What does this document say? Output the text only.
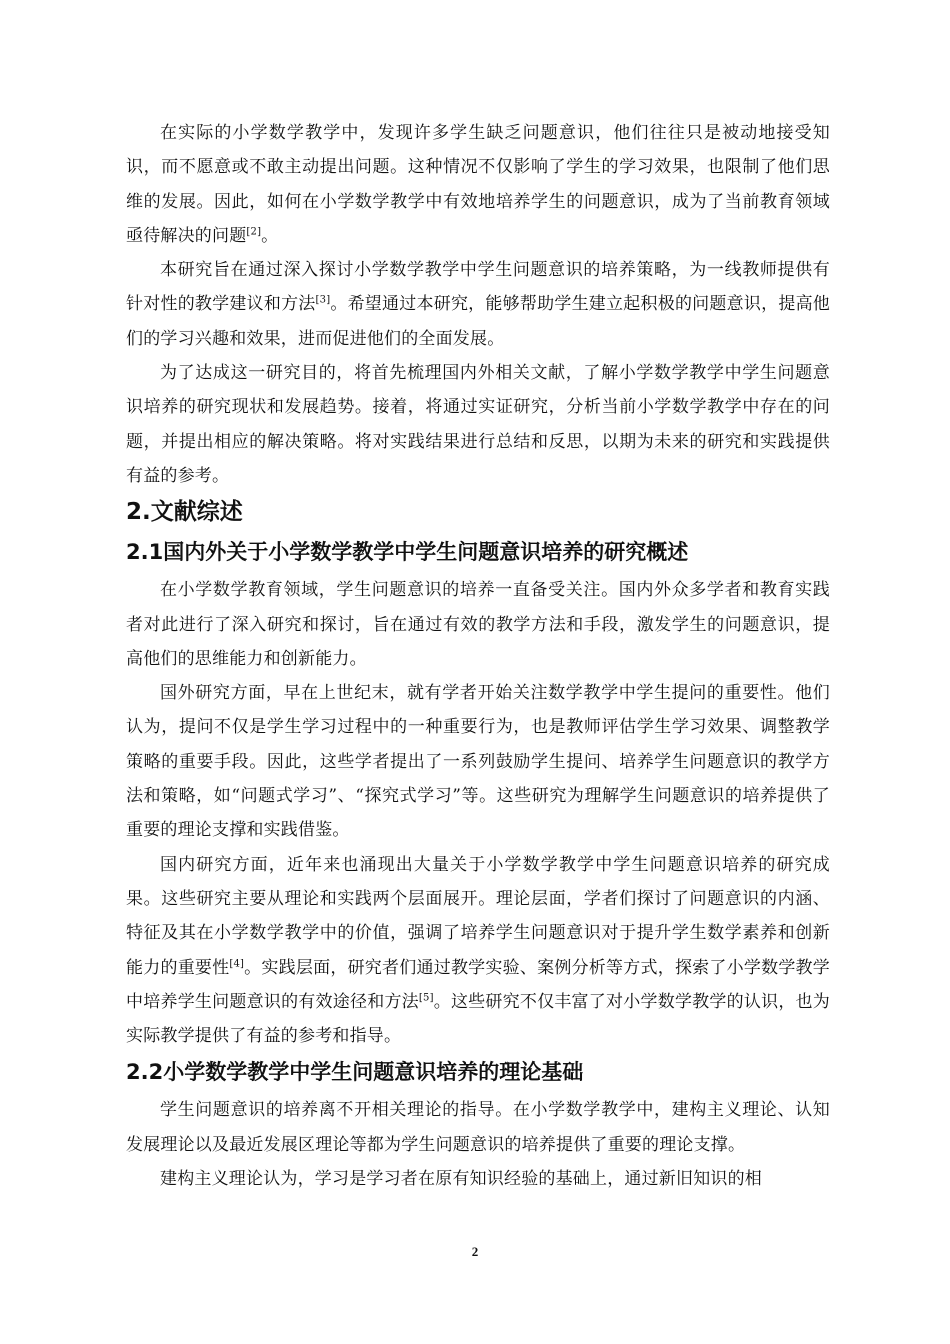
在实际的小学数学教学中，发现许多学生缺乏问题意识，他们往往只是被动地接受知识，而不愿意或不敢主动提出问题。这种情况不仅影响了学生的学习效果，也限制了他们思维的发展。因此，如何在小学数学教学中有效地培养学生的问题意识，成为了当前教育领域亟待解决的问题[2]。

本研究旨在通过深入探讨小学数学教学中学生问题意识的培养策略，为一线教师提供有针对性的教学建议和方法[3]。希望通过本研究，能够帮助学生建立起积极的问题意识，提高他们的学习兴趣和效果，进而促进他们的全面发展。

为了达成这一研究目的，将首先梳理国内外相关文献，了解小学数学教学中学生问题意识培养的研究现状和发展趋势。接着，将通过实证研究，分析当前小学数学教学中存在的问题，并提出相应的解决策略。将对实践结果进行总结和反思，以期为未来的研究和实践提供有益的参考。

2.文献综述
2.1国内外关于小学数学教学中学生问题意识培养的研究概述

在小学数学教育领域，学生问题意识的培养一直备受关注。国内外众多学者和教育实践者对此进行了深入研究和探讨，旨在通过有效的教学方法和手段，激发学生的问题意识，提高他们的思维能力和创新能力。

国外研究方面，早在上世纪末，就有学者开始关注数学教学中学生提问的重要性。他们认为，提问不仅是学生学习过程中的一种重要行为，也是教师评估学生学习效果、调整教学策略的重要手段。因此，这些学者提出了一系列鼓励学生提问、培养学生问题意识的教学方法和策略，如“问题式学习”、“探究式学习”等。这些研究为理解学生问题意识的培养提供了重要的理论支撑和实践借鉴。

国内研究方面，近年来也涌现出大量关于小学数学教学中学生问题意识培养的研究成果。这些研究主要从理论和实践两个层面展开。理论层面，学者们探讨了问题意识的内涵、特征及其在小学数学教学中的价值，强调了培养学生问题意识对于提升学生数学素养和创新能力的重要性[4]。实践层面，研究者们通过教学实验、案例分析等方式，探索了小学数学教学中培养学生问题意识的有效途径和方法[5]。这些研究不仅丰富了对小学数学教学的认识，也为实际教学提供了有益的参考和指导。

2.2小学数学教学中学生问题意识培养的理论基础

学生问题意识的培养离不开相关理论的指导。在小学数学教学中，建构主义理论、认知发展理论以及最近发展区理论等都为学生问题意识的培养提供了重要的理论支撑。

建构主义理论认为，学习是学习者在原有知识经验的基础上，通过新旧知识的相

2
